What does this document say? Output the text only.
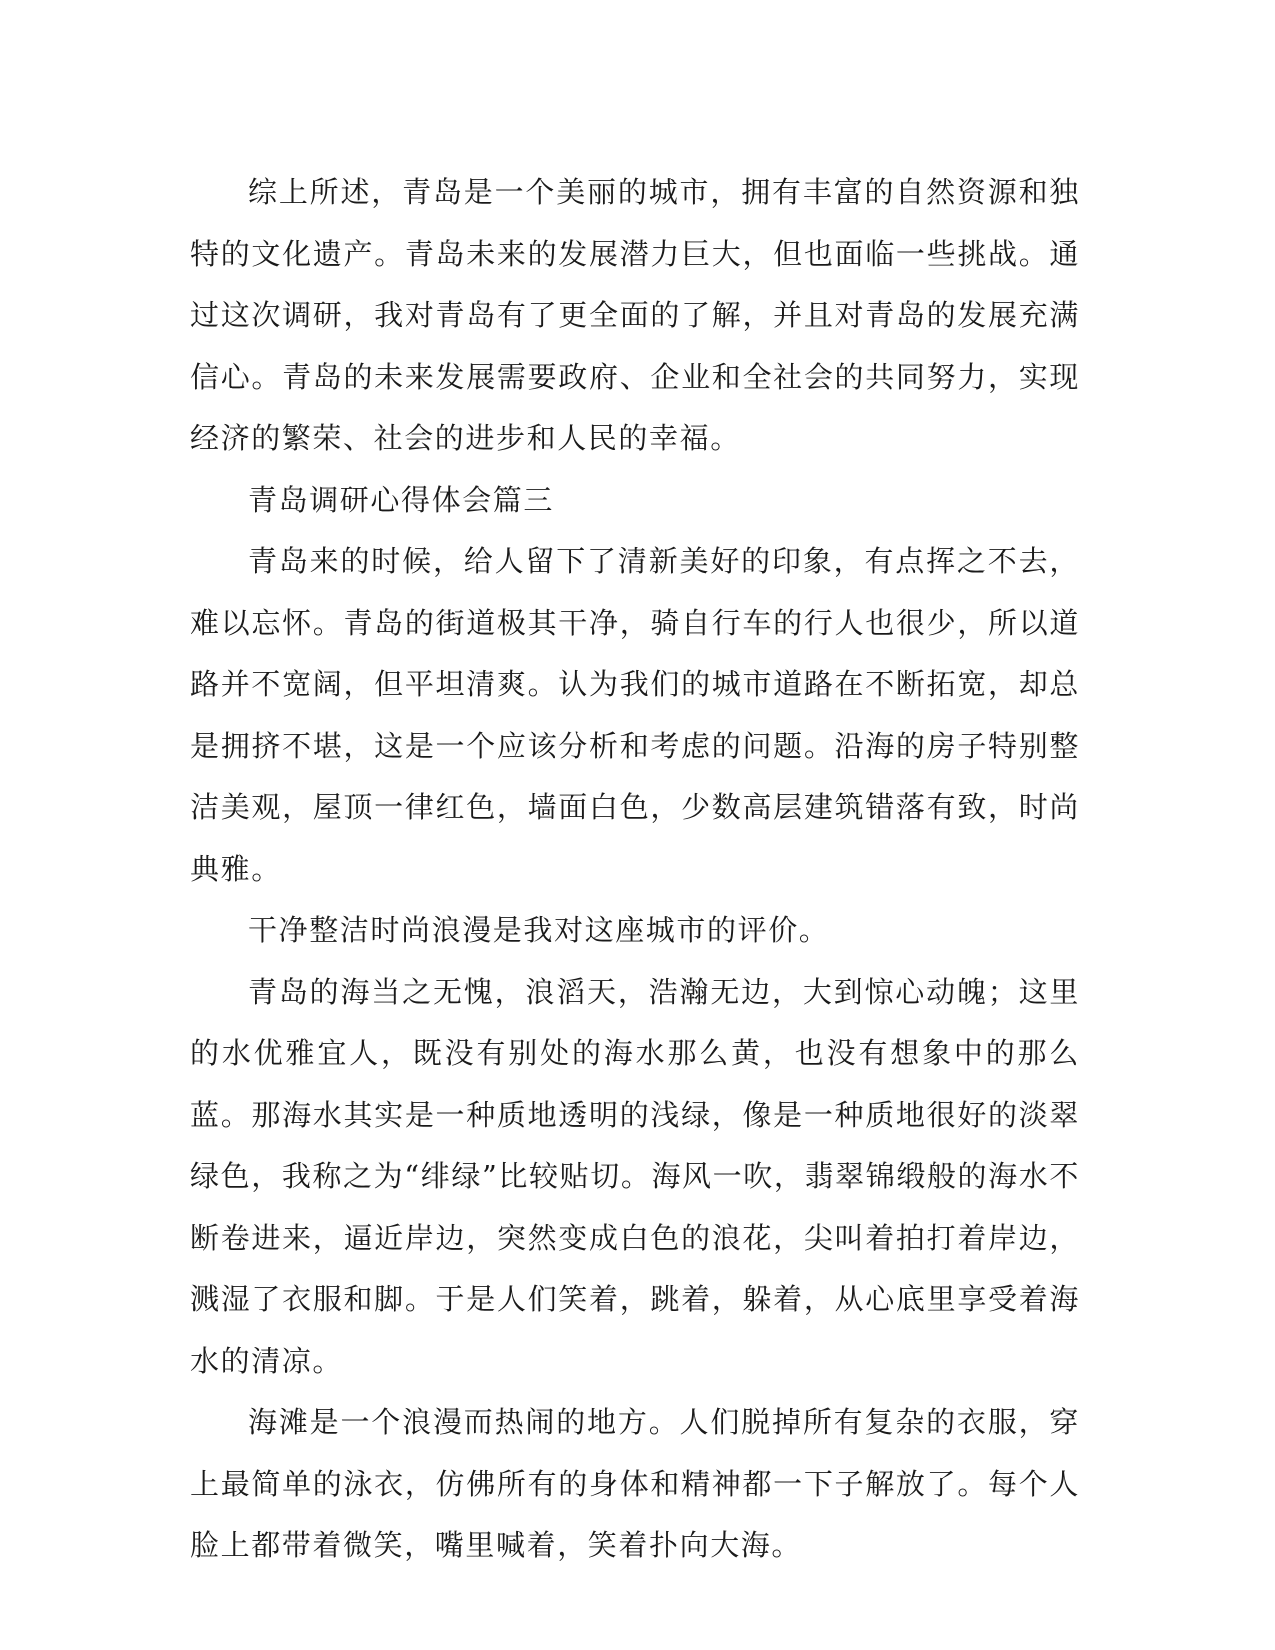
综上所述，青岛是一个美丽的城市，拥有丰富的自然资源和独特的文化遗产。青岛未来的发展潜力巨大，但也面临一些挑战。通过这次调研，我对青岛有了更全面的了解，并且对青岛的发展充满信心。青岛的未来发展需要政府、企业和全社会的共同努力，实现经济的繁荣、社会的进步和人民的幸福。

青岛调研心得体会篇三

青岛来的时候，给人留下了清新美好的印象，有点挥之不去，难以忘怀。青岛的街道极其干净，骑自行车的行人也很少，所以道路并不宽阔，但平坦清爽。认为我们的城市道路在不断拓宽，却总是拥挤不堪，这是一个应该分析和考虑的问题。沿海的房子特别整洁美观，屋顶一律红色，墙面白色，少数高层建筑错落有致，时尚典雅。

干净整洁时尚浪漫是我对这座城市的评价。

青岛的海当之无愧，浪滔天，浩瀚无边，大到惊心动魄；这里的水优雅宜人，既没有别处的海水那么黄，也没有想象中的那么蓝。那海水其实是一种质地透明的浅绿，像是一种质地很好的淡翠绿色，我称之为“绯绿”比较贴切。海风一吹，翡翠锦缎般的海水不断卷进来，逼近岸边，突然变成白色的浪花，尖叫着拍打着岸边，溅湿了衣服和脚。于是人们笑着，跳着，躲着，从心底里享受着海水的清凉。

海滩是一个浪漫而热闹的地方。人们脱掉所有复杂的衣服，穿上最简单的泳衣，仿佛所有的身体和精神都一下子解放了。每个人脸上都带着微笑，嘴里喊着，笑着扑向大海。
